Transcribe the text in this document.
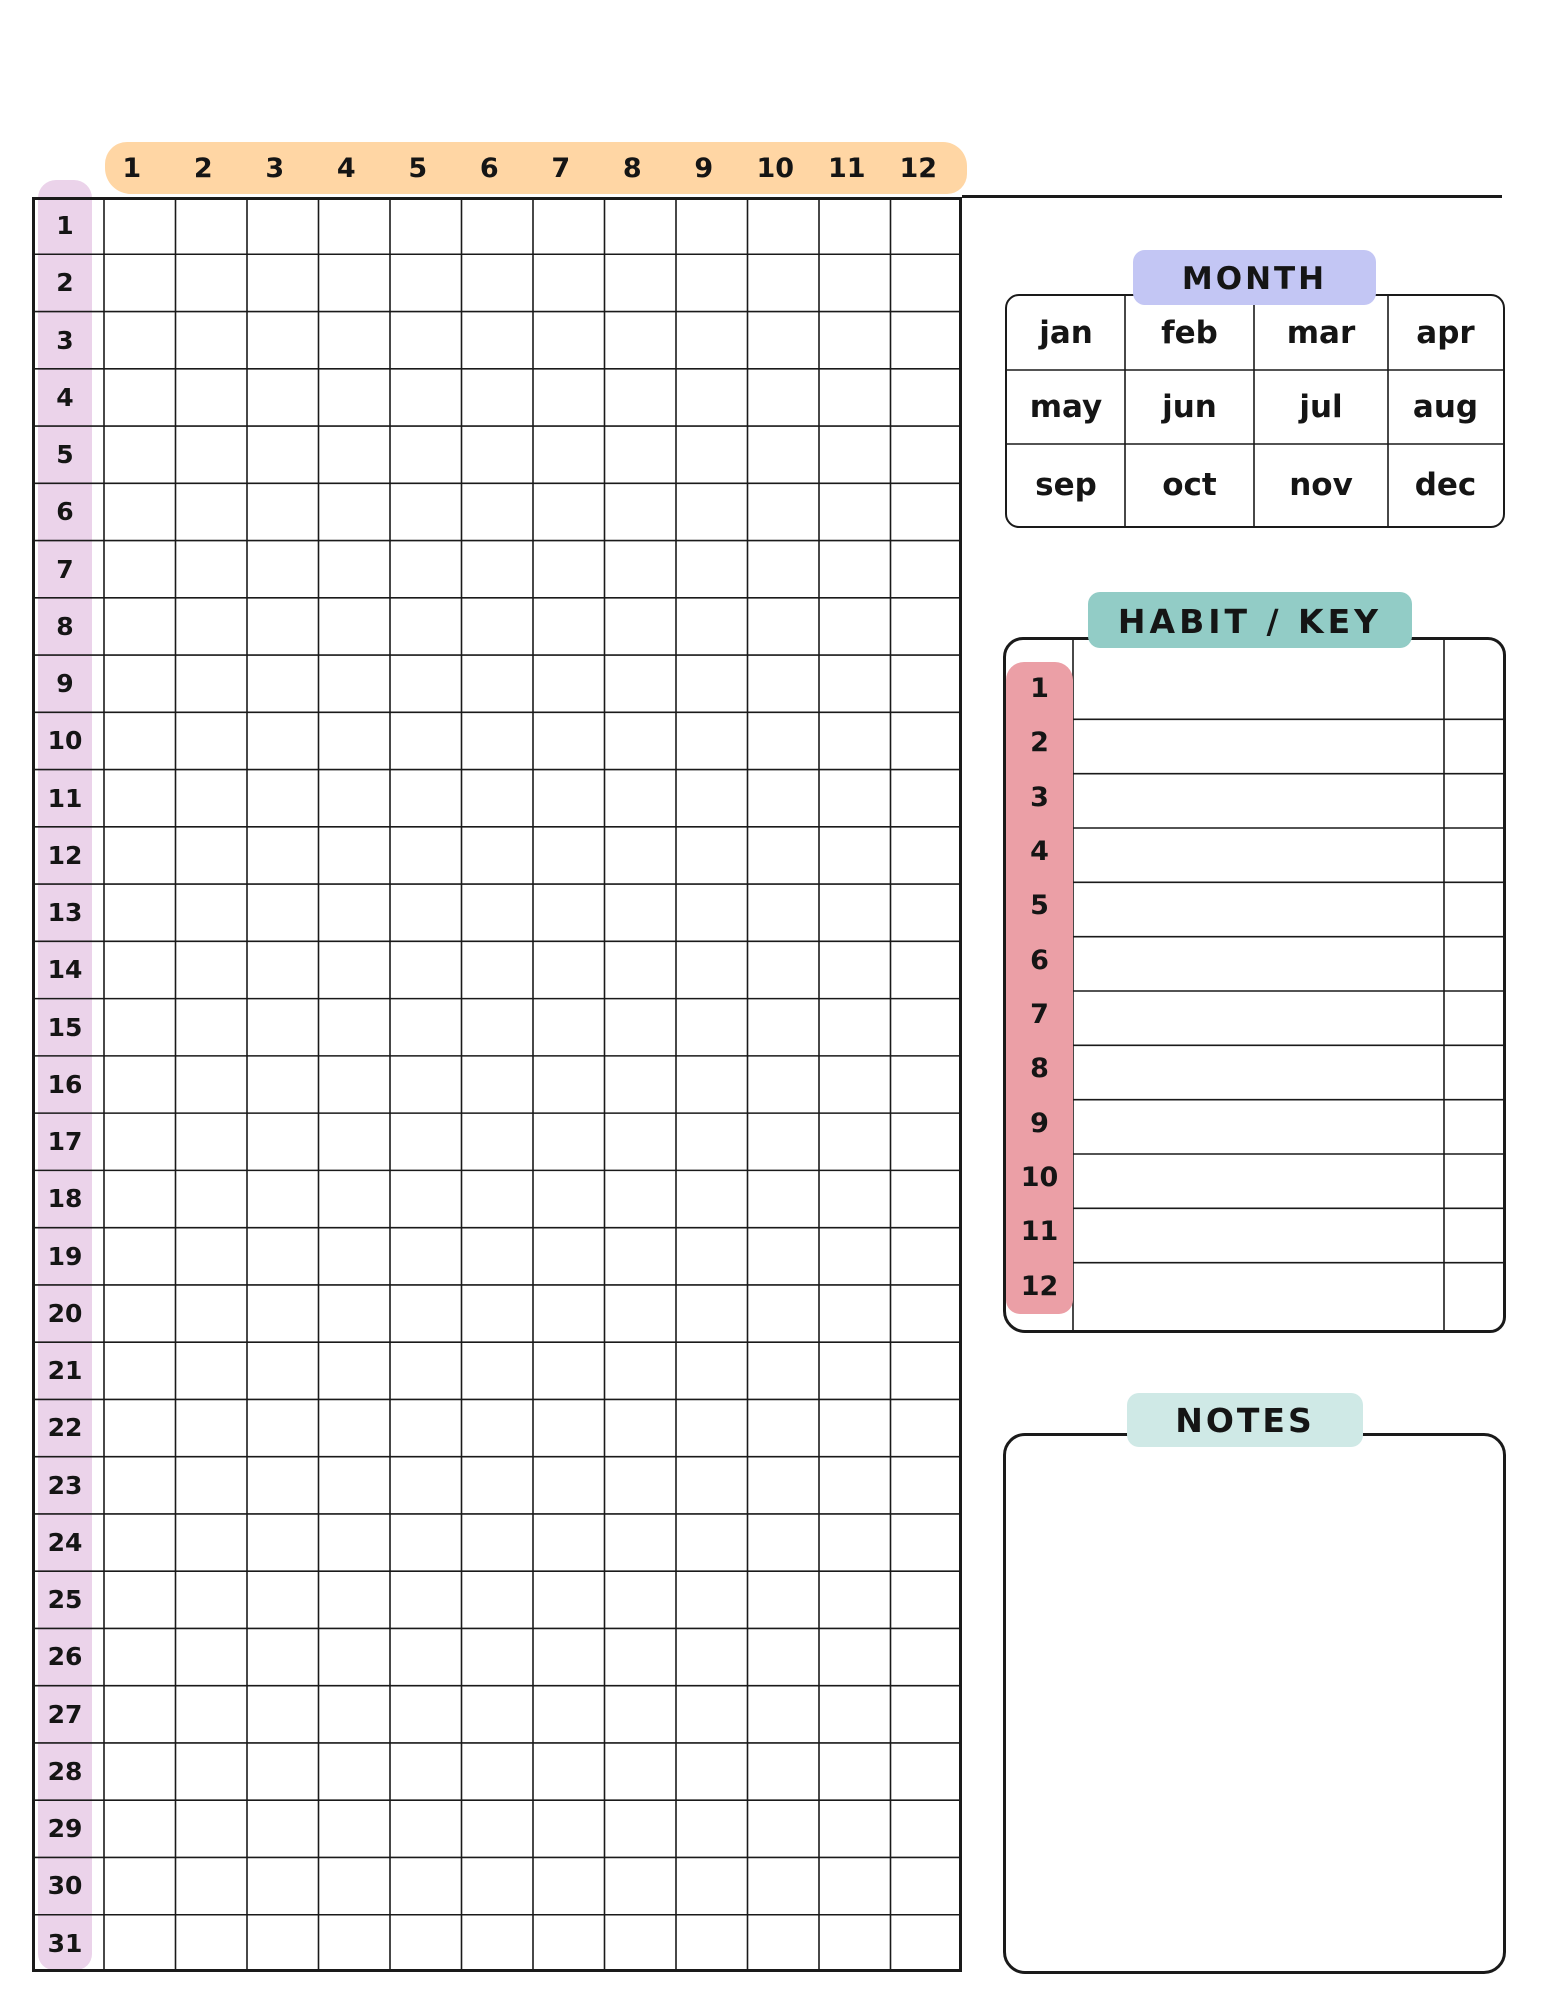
1	2	3	4	5	6	7	8	9	10	11	12
1
2
3
4
5
6
7
8
9
10
11
12
13
14
15
16
17
18
19
20
21
22
23
24
25
26
27
28
29
30
31
jan	feb	mar	apr
may	jun	jul	aug
sep	oct	nov	dec
MONTH
1
2
3
4
5
6
7
8
9
10
11
12
HABIT / KEY
NOTES
